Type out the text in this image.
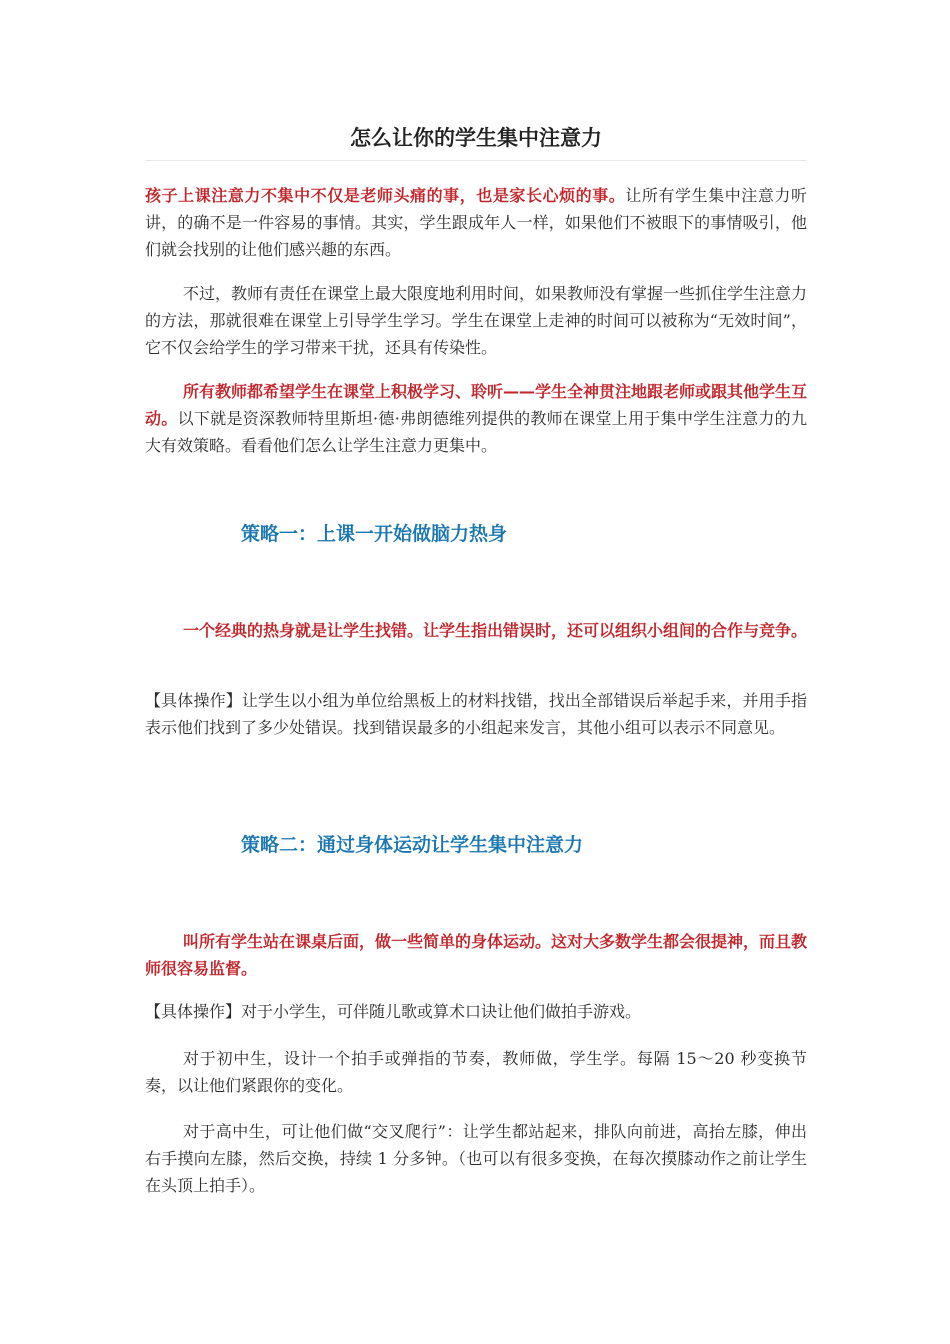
怎么让你的学生集中注意力

孩子上课注意力不集中不仅是老师头痛的事，也是家长心烦的事。让所有学生集中注意力听讲，的确不是一件容易的事情。其实，学生跟成年人一样，如果他们不被眼下的事情吸引，他们就会找别的让他们感兴趣的东西。

不过，教师有责任在课堂上最大限度地利用时间，如果教师没有掌握一些抓住学生注意力的方法，那就很难在课堂上引导学生学习。学生在课堂上走神的时间可以被称为“无效时间”，它不仅会给学生的学习带来干扰，还具有传染性。

所有教师都希望学生在课堂上积极学习、聆听——学生全神贯注地跟老师或跟其他学生互动。以下就是资深教师特里斯坦·德·弗朗德维列提供的教师在课堂上用于集中学生注意力的九大有效策略。看看他们怎么让学生注意力更集中。

策略一：上课一开始做脑力热身

一个经典的热身就是让学生找错。让学生指出错误时，还可以组织小组间的合作与竞争。

【具体操作】让学生以小组为单位给黑板上的材料找错，找出全部错误后举起手来，并用手指表示他们找到了多少处错误。找到错误最多的小组起来发言，其他小组可以表示不同意见。

策略二：通过身体运动让学生集中注意力

叫所有学生站在课桌后面，做一些简单的身体运动。这对大多数学生都会很提神，而且教师很容易监督。

【具体操作】对于小学生，可伴随儿歌或算术口诀让他们做拍手游戏。

对于初中生，设计一个拍手或弹指的节奏，教师做，学生学。每隔 15～20 秒变换节奏，以让他们紧跟你的变化。

对于高中生，可让他们做“交叉爬行”：让学生都站起来，排队向前进，高抬左膝，伸出右手摸向左膝，然后交换，持续 1 分多钟。（也可以有很多变换，在每次摸膝动作之前让学生在头顶上拍手）。
